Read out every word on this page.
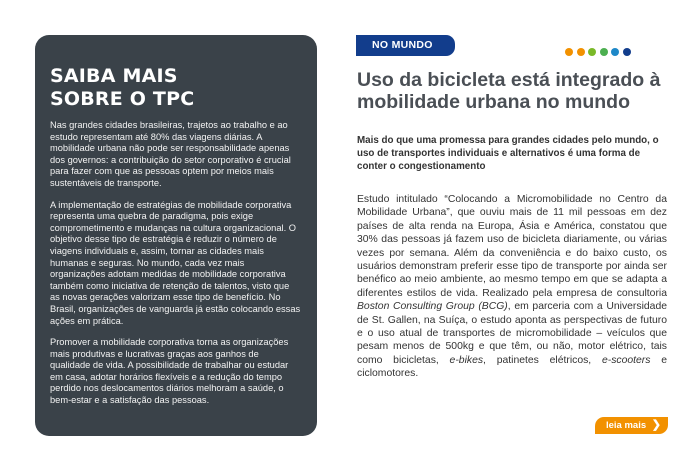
SAIBA MAIS
SOBRE O TPC

Nas grandes cidades brasileiras, trajetos ao trabalho e ao estudo representam até 80% das viagens diárias. A mobilidade urbana não pode ser responsabilidade apenas dos governos: a contribuição do setor corporativo é crucial para fazer com que as pessoas optem por meios mais sustentáveis de transporte.

A implementação de estratégias de mobilidade corporativa representa uma quebra de paradigma, pois exige comprometimento e mudanças na cultura organizacional. O objetivo desse tipo de estratégia é reduzir o número de viagens individuais e, assim, tornar as cidades mais humanas e seguras. No mundo, cada vez mais organizações adotam medidas de mobilidade corporativa também como iniciativa de retenção de talentos, visto que as novas gerações valorizam esse tipo de benefício. No Brasil, organizações de vanguarda já estão colocando essas ações em prática.

Promover a mobilidade corporativa torna as organizações mais produtivas e lucrativas graças aos ganhos de qualidade de vida. A possibilidade de trabalhar ou estudar em casa, adotar horários flexíveis e a redução do tempo perdido nos deslocamentos diários melhoram a saúde, o bem-estar e a satisfação das pessoas.

NO MUNDO
Uso da bicicleta está integrado à mobilidade urbana no mundo

Mais do que uma promessa para grandes cidades pelo mundo, o uso de transportes individuais e alternativos é uma forma de conter o congestionamento

Estudo intitulado “Colocando a Micromobilidade no Centro da Mobilidade Urbana”, que ouviu mais de 11 mil pessoas em dez países de alta renda na Europa, Ásia e América, constatou que 30% das pessoas já fazem uso de bicicleta diariamente, ou várias vezes por semana. Além da conveniência e do baixo custo, os usuários demonstram preferir esse tipo de transporte por ainda ser benéfico ao meio ambiente, ao mesmo tempo em que se adapta a diferentes estilos de vida. Realizado pela empresa de consultoria Boston Consulting Group (BCG), em parceria com a Universidade de St. Gallen, na Suíça, o estudo aponta as perspectivas de futuro e o uso atual de transportes de micromobilidade – veículos que pesam menos de 500kg e que têm, ou não, motor elétrico, tais como bicicletas, e-bikes, patinetes elétricos, e-scooters e ciclomotores.

leia mais ❯
